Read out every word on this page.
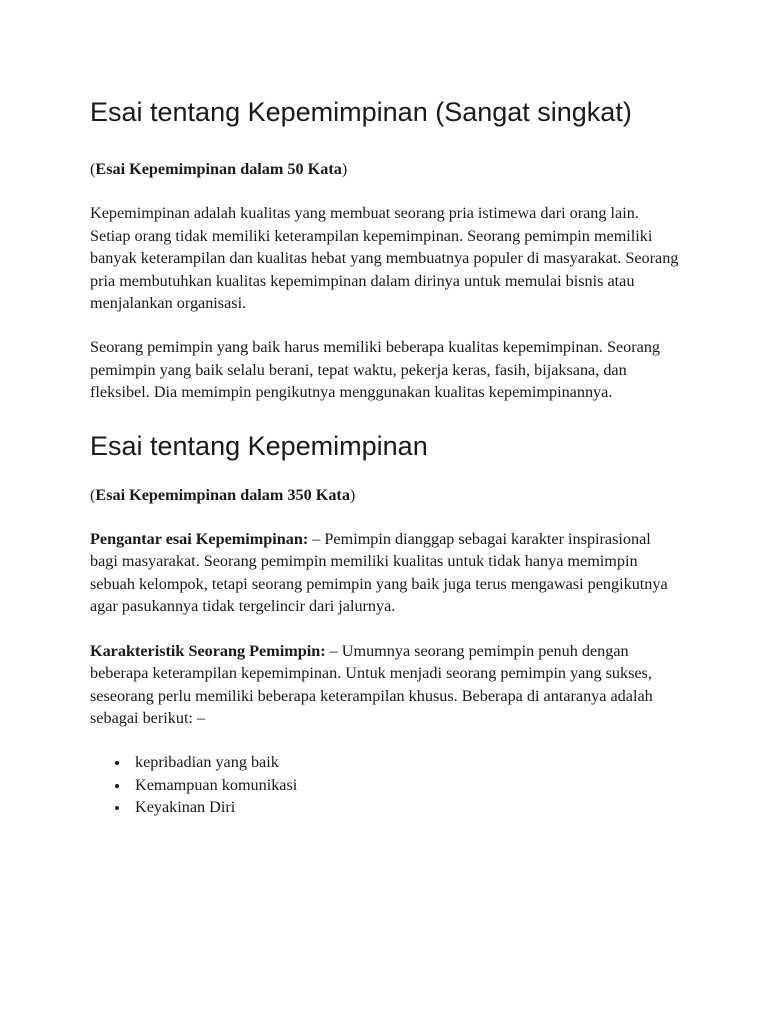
Esai tentang Kepemimpinan (Sangat singkat)

(Esai Kepemimpinan dalam 50 Kata)

Kepemimpinan adalah kualitas yang membuat seorang pria istimewa dari orang lain. Setiap orang tidak memiliki keterampilan kepemimpinan. Seorang pemimpin memiliki banyak keterampilan dan kualitas hebat yang membuatnya populer di masyarakat. Seorang pria membutuhkan kualitas kepemimpinan dalam dirinya untuk memulai bisnis atau menjalankan organisasi.

Seorang pemimpin yang baik harus memiliki beberapa kualitas kepemimpinan. Seorang pemimpin yang baik selalu berani, tepat waktu, pekerja keras, fasih, bijaksana, dan fleksibel. Dia memimpin pengikutnya menggunakan kualitas kepemimpinannya.

Esai tentang Kepemimpinan

(Esai Kepemimpinan dalam 350 Kata)

Pengantar esai Kepemimpinan: – Pemimpin dianggap sebagai karakter inspirasional bagi masyarakat. Seorang pemimpin memiliki kualitas untuk tidak hanya memimpin sebuah kelompok, tetapi seorang pemimpin yang baik juga terus mengawasi pengikutnya agar pasukannya tidak tergelincir dari jalurnya.

Karakteristik Seorang Pemimpin: – Umumnya seorang pemimpin penuh dengan beberapa keterampilan kepemimpinan. Untuk menjadi seorang pemimpin yang sukses, seseorang perlu memiliki beberapa keterampilan khusus. Beberapa di antaranya adalah sebagai berikut: –

kepribadian yang baik
Kemampuan komunikasi
Keyakinan Diri
